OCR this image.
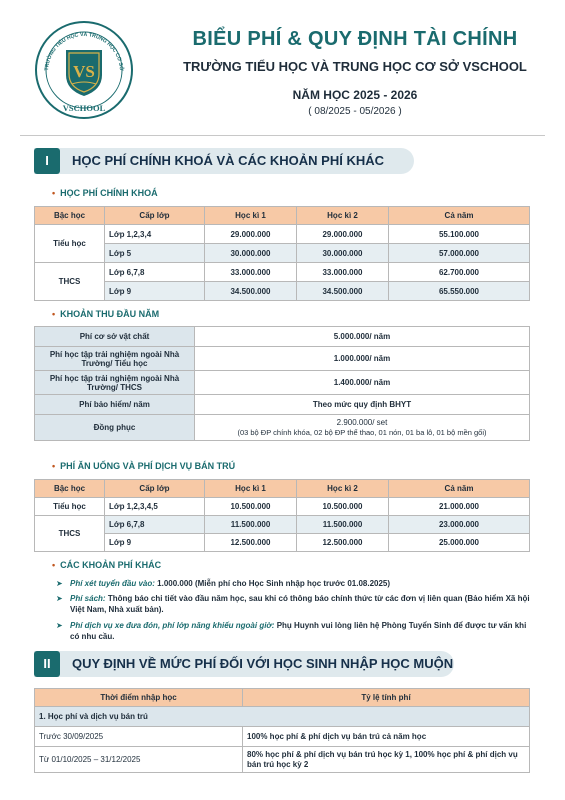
VS
TRƯỜNG TIỂU HỌC VÀ TRUNG HỌC CƠ SỞ
VSCHOOL
BIỂU PHÍ & QUY ĐỊNH TÀI CHÍNH
TRƯỜNG TIỂU HỌC VÀ TRUNG HỌC CƠ SỞ VSCHOOL
NĂM HỌC 2025 - 2026
( 08/2025 - 05/2026 )
I	HỌC PHÍ CHÍNH KHOÁ VÀ CÁC KHOẢN PHÍ KHÁC
• HỌC PHÍ CHÍNH KHOÁ
Bậc học	Cấp lớp	Học kì 1	Học kì 2	Cả năm
Tiểu học	Lớp 1,2,3,4	29.000.000	29.000.000	55.100.000
	Lớp 5	30.000.000	30.000.000	57.000.000
THCS	Lớp 6,7,8	33.000.000	33.000.000	62.700.000
	Lớp 9	34.500.000	34.500.000	65.550.000
• KHOẢN THU ĐẦU NĂM
Phí cơ sở vật chất	5.000.000/ năm
Phí học tập trải nghiệm ngoài Nhà Trường/ Tiểu học	1.000.000/ năm
Phí học tập trải nghiệm ngoài Nhà Trường/ THCS	1.400.000/ năm
Phí bảo hiểm/ năm	Theo mức quy định BHYT
Đồng phục	2.900.000/ set
(03 bộ ĐP chính khóa, 02 bộ ĐP thể thao, 01 nón, 01 ba lô, 01 bộ mền gối)
• PHÍ ĂN UỐNG VÀ PHÍ DỊCH VỤ BÁN TRÚ
Bậc học	Cấp lớp	Học kì 1	Học kì 2	Cả năm
Tiểu học	Lớp 1,2,3,4,5	10.500.000	10.500.000	21.000.000
THCS	Lớp 6,7,8	11.500.000	11.500.000	23.000.000
	Lớp 9	12.500.000	12.500.000	25.000.000
• CÁC KHOẢN PHÍ KHÁC
➤ Phí xét tuyển đầu vào: 1.000.000 (Miễn phí cho Học Sinh nhập học trước 01.08.2025)
➤ Phí sách: Thông báo chi tiết vào đầu năm học, sau khi có thông báo chính thức từ các đơn vị liên quan (Bảo hiểm Xã hội Việt Nam, Nhà xuất bản).
➤ Phí dịch vụ xe đưa đón, phí lớp năng khiếu ngoài giờ: Phụ Huynh vui lòng liên hệ Phòng Tuyển Sinh để được tư vấn khi có nhu cầu.
II	QUY ĐỊNH VỀ MỨC PHÍ ĐỐI VỚI HỌC SINH NHẬP HỌC MUỘN
Thời điểm nhập học	Tỷ lệ tính phí
1. Học phí và dịch vụ bán trú	
Trước 30/09/2025	100% học phí & phí dịch vụ bán trú cả năm học
Từ 01/10/2025 – 31/12/2025	80% học phí & phí dịch vụ bán trú học kỳ 1, 100% học phí & phí dịch vụ bán trú học kỳ 2
